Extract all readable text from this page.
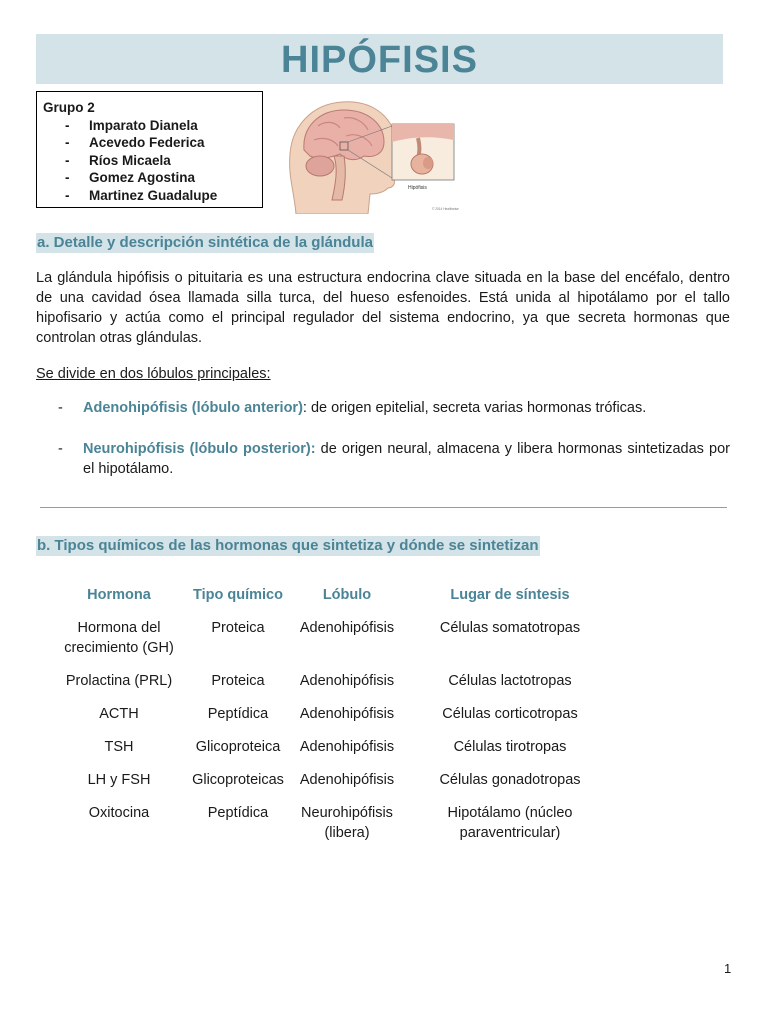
HIPÓFISIS
Grupo 2
- Imparato Dianela
- Acevedo Federica
- Ríos Micaela
- Gomez Agostina
- Martinez Guadalupe	Hipófisis
© 2014 Healthwise
a. Detalle y descripción sintética de la glándula

La glándula hipófisis o pituitaria es una estructura endocrina clave situada en la base del encéfalo, dentro de una cavidad ósea llamada silla turca, del hueso esfenoides. Está unida al hipotálamo por el tallo hipofisario y actúa como el principal regulador del sistema endocrino, ya que secreta hormonas que controlan otras glándulas.

Se divide en dos lóbulos principales:
- Adenohipófisis (lóbulo anterior): de origen epitelial, secreta varias hormonas tróficas.
- Neurohipófisis (lóbulo posterior): de origen neural, almacena y libera hormonas sintetizadas por el hipotálamo.
b. Tipos químicos de las hormonas que sintetiza y dónde se sintetizan
Hormona	Tipo químico	Lóbulo	Lugar de síntesis
Hormona del crecimiento (GH)	Proteica	Adenohipófisis	Células somatotropas
Prolactina (PRL)	Proteica	Adenohipófisis	Células lactotropas
ACTH	Peptídica	Adenohipófisis	Células corticotropas
TSH	Glicoproteica	Adenohipófisis	Células tirotropas
LH y FSH	Glicoproteicas	Adenohipófisis	Células gonadotropas
Oxitocina	Peptídica	Neurohipófisis (libera)	Hipotálamo (núcleo paraventricular)
1
